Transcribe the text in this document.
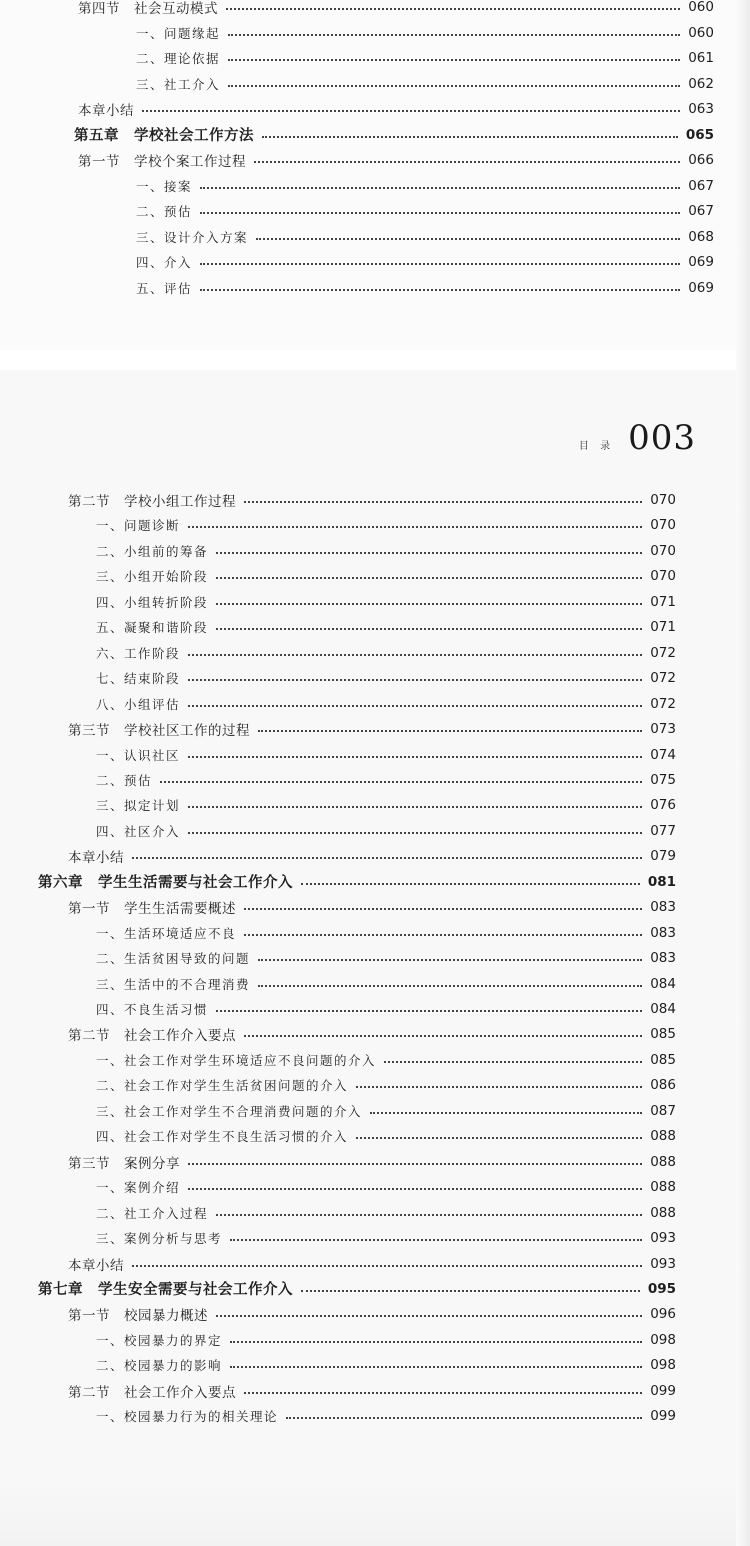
目 录 003
第四节　社会互动模式	060
一、问题缘起	060
二、理论依据	061
三、社工介入	062
本章小结	063
第五章　学校社会工作方法	065
第一节　学校个案工作过程	066
一、接案	067
二、预估	067
三、设计介入方案	068
四、介入	069
五、评估	069
第二节　学校小组工作过程	070
一、问题诊断	070
二、小组前的筹备	070
三、小组开始阶段	070
四、小组转折阶段	071
五、凝聚和谐阶段	071
六、工作阶段	072
七、结束阶段	072
八、小组评估	072
第三节　学校社区工作的过程	073
一、认识社区	074
二、预估	075
三、拟定计划	076
四、社区介入	077
本章小结	079
第六章　学生生活需要与社会工作介入	081
第一节　学生生活需要概述	083
一、生活环境适应不良	083
二、生活贫困导致的问题	083
三、生活中的不合理消费	084
四、不良生活习惯	084
第二节　社会工作介入要点	085
一、社会工作对学生环境适应不良问题的介入	085
二、社会工作对学生生活贫困问题的介入	086
三、社会工作对学生不合理消费问题的介入	087
四、社会工作对学生不良生活习惯的介入	088
第三节　案例分享	088
一、案例介绍	088
二、社工介入过程	088
三、案例分析与思考	093
本章小结	093
第七章　学生安全需要与社会工作介入	095
第一节　校园暴力概述	096
一、校园暴力的界定	098
二、校园暴力的影响	098
第二节　社会工作介入要点	099
一、校园暴力行为的相关理论	099
